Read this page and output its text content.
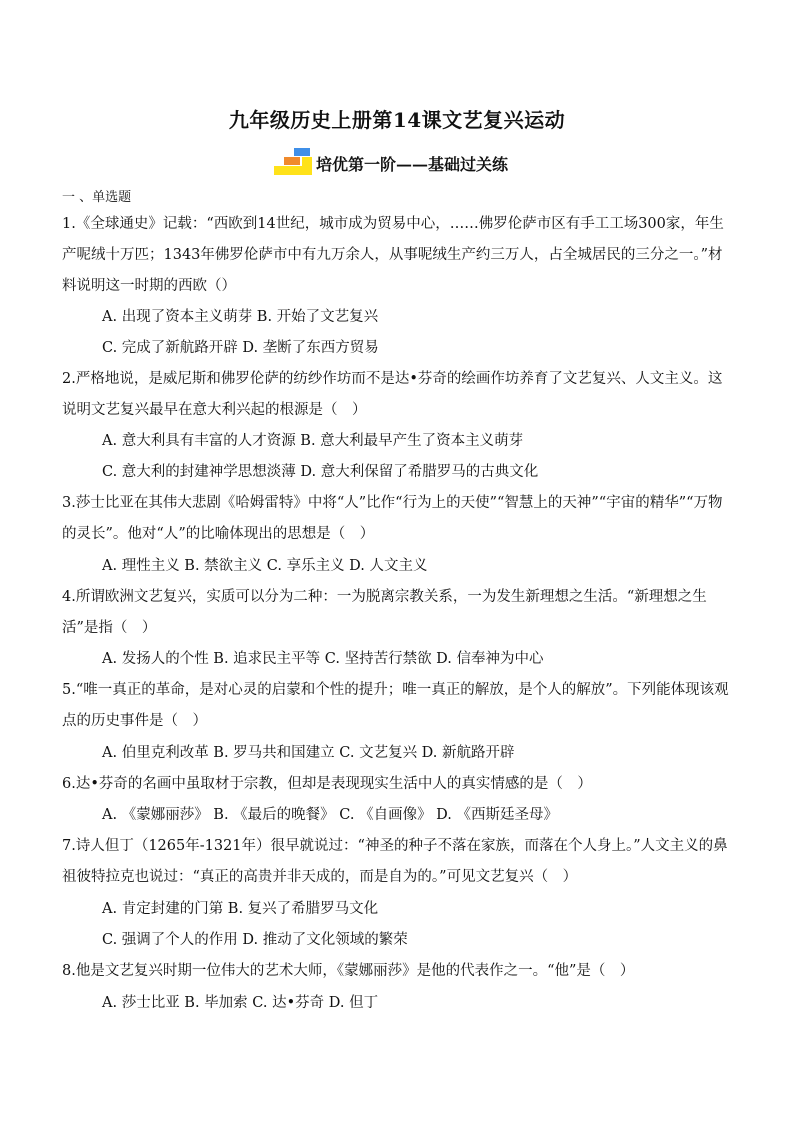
九年级历史上册第14课文艺复兴运动
培优第一阶——基础过关练
一 、单选题
1.《全球通史》记载：“西欧到14世纪，城市成为贸易中心，……佛罗伦萨市区有手工工场300家，年生产呢绒十万匹；1343年佛罗伦萨市中有九万余人，从事呢绒生产约三万人，占全城居民的三分之一。”材料说明这一时期的西欧（）
A. 出现了资本主义萌芽 B. 开始了文艺复兴
C. 完成了新航路开辟 D. 垄断了东西方贸易
2.严格地说，是威尼斯和佛罗伦萨的纺纱作坊而不是达•芬奇的绘画作坊养育了文艺复兴、人文主义。这说明文艺复兴最早在意大利兴起的根源是（　）
A. 意大利具有丰富的人才资源 B. 意大利最早产生了资本主义萌芽
C. 意大利的封建神学思想淡薄 D. 意大利保留了希腊罗马的古典文化
3.莎士比亚在其伟大悲剧《哈姆雷特》中将“人”比作“行为上的天使”“智慧上的天神”“宇宙的精华”“万物的灵长”。他对“人”的比喻体现出的思想是（　）
A. 理性主义 B. 禁欲主义 C. 享乐主义 D. 人文主义
4.所谓欧洲文艺复兴，实质可以分为二种：一为脱离宗教关系，一为发生新理想之生活。“新理想之生活”是指（　）
A. 发扬人的个性 B. 追求民主平等 C. 坚持苦行禁欲 D. 信奉神为中心
5.“唯一真正的革命，是对心灵的启蒙和个性的提升；唯一真正的解放，是个人的解放”。下列能体现该观点的历史事件是（　）
A. 伯里克利改革 B. 罗马共和国建立 C. 文艺复兴 D. 新航路开辟
6.达•芬奇的名画中虽取材于宗教，但却是表现现实生活中人的真实情感的是（　）
A. 《蒙娜丽莎》 B. 《最后的晚餐》 C. 《自画像》 D. 《西斯廷圣母》
7.诗人但丁（1265年-1321年）很早就说过：“神圣的种子不落在家族，而落在个人身上。”人文主义的鼻祖彼特拉克也说过：“真正的高贵并非天成的，而是自为的。”可见文艺复兴（　）
A. 肯定封建的门第 B. 复兴了希腊罗马文化
C. 强调了个人的作用 D. 推动了文化领域的繁荣
8.他是文艺复兴时期一位伟大的艺术大师，《蒙娜丽莎》是他的代表作之一。“他”是（　）
A. 莎士比亚 B. 毕加索 C. 达•芬奇 D. 但丁
